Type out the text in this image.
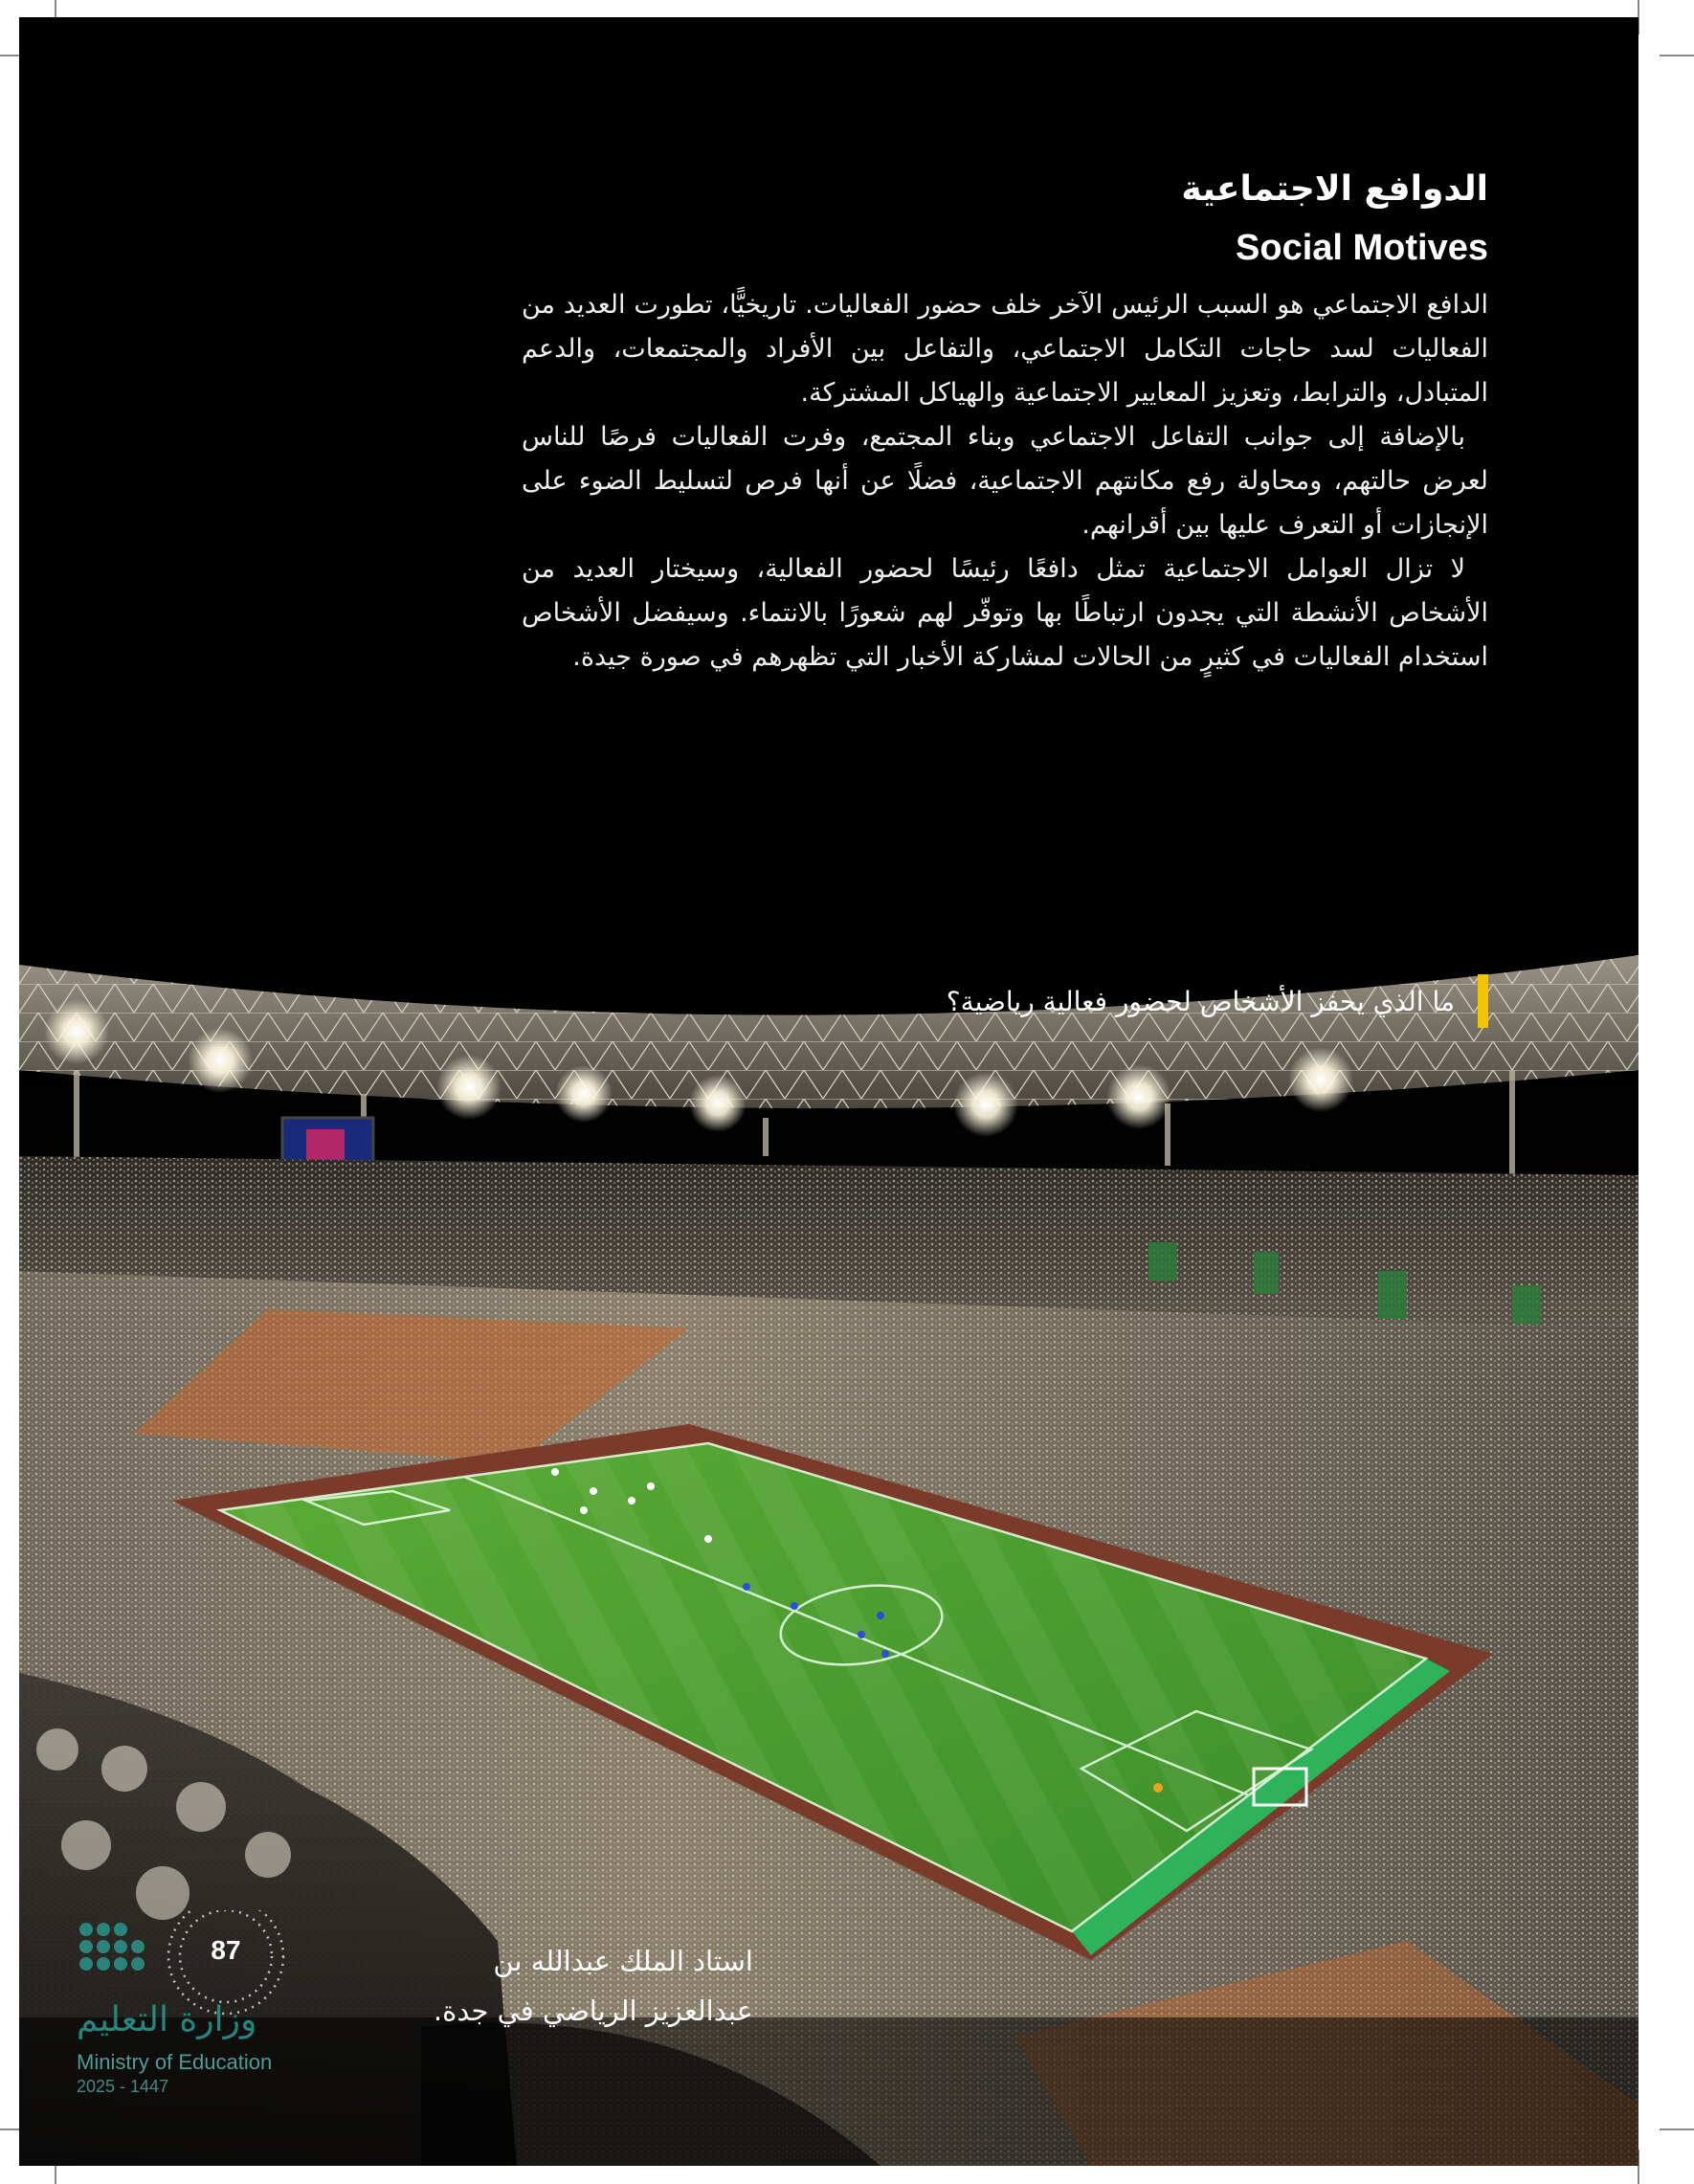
الدوافع الاجتماعية
Social Motives

الدافع الاجتماعي هو السبب الرئيس الآخر خلف حضور الفعاليات. تاريخيًّا، تطورت العديد من الفعاليات لسد حاجات التكامل الاجتماعي، والتفاعل بين الأفراد والمجتمعات، والدعم المتبادل، والترابط، وتعزيز المعايير الاجتماعية والهياكل المشتركة.

بالإضافة إلى جوانب التفاعل الاجتماعي وبناء المجتمع، وفرت الفعاليات فرصًا للناس لعرض حالتهم، ومحاولة رفع مكانتهم الاجتماعية، فضلًا عن أنها فرص لتسليط الضوء على الإنجازات أو التعرف عليها بين أقرانهم.

لا تزال العوامل الاجتماعية تمثل دافعًا رئيسًا لحضور الفعالية، وسيختار العديد من الأشخاص الأنشطة التي يجدون ارتباطًا بها وتوفّر لهم شعورًا بالانتماء. وسيفضل الأشخاص استخدام الفعاليات في كثيرٍ من الحالات لمشاركة الأخبار التي تظهرهم في صورة جيدة.

ما الذي يحفز الأشخاص لحضور فعالية رياضية؟
استاد الملك عبدالله بن
عبدالعزيز الرياضي في جدة.
87
وزارة التعليم
Ministry of Education
2025 - 1447
